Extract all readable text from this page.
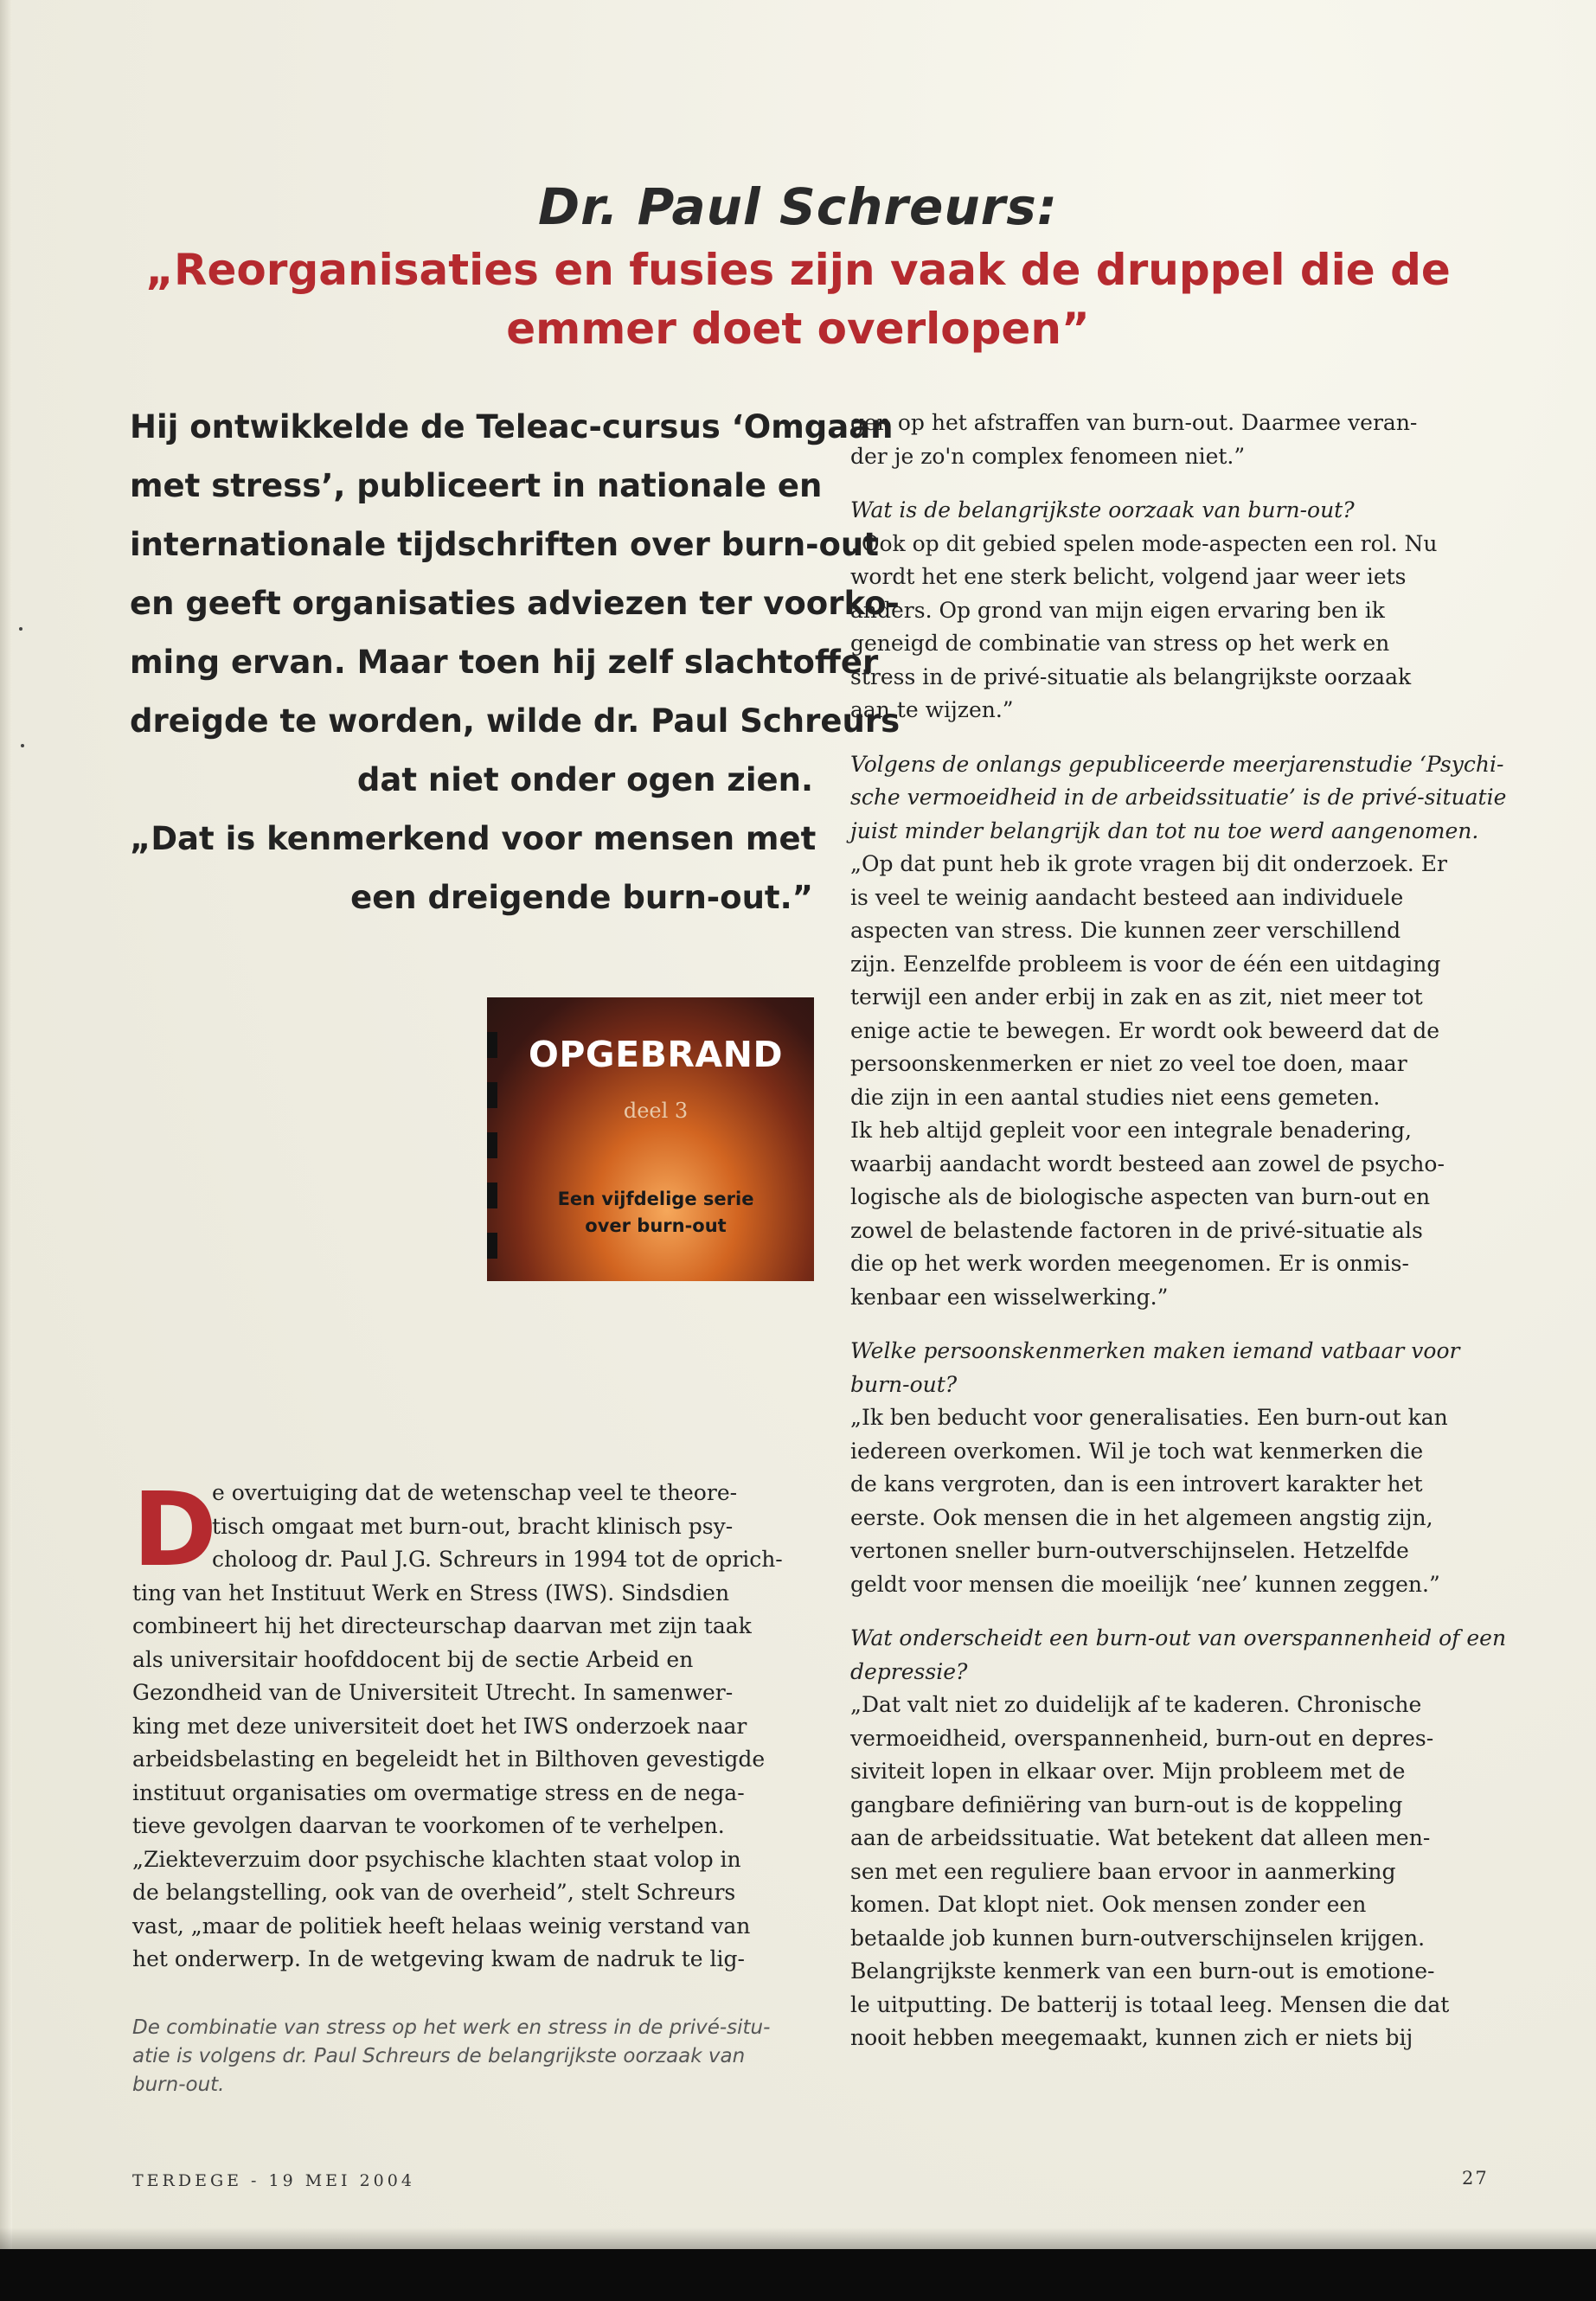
Dr. Paul Schreurs:
„Reorganisaties en fusies zijn vaak de druppel die de
emmer doet overlopen”
Hij ontwikkelde de Teleac-cursus ‘Omgaan
met stress’, publiceert in nationale en
internationale tijdschriften over burn-out
en geeft organisaties adviezen ter voorko-
ming ervan. Maar toen hij zelf slachtoffer
dreigde te worden, wilde dr. Paul Schreurs
dat niet onder ogen zien.
„Dat is kenmerkend voor mensen met
een dreigende burn-out.”
OPGEBRAND
deel 3
Een vijfdelige serie
over burn-out
D
e overtuiging dat de wetenschap veel te theore-
tisch omgaat met burn-out, bracht klinisch psy-
choloog dr. Paul J.G. Schreurs in 1994 tot de oprich-
ting van het Instituut Werk en Stress (IWS). Sindsdien
combineert hij het directeurschap daarvan met zijn taak
als universitair hoofddocent bij de sectie Arbeid en
Gezondheid van de Universiteit Utrecht. In samenwer-
king met deze universiteit doet het IWS onderzoek naar
arbeidsbelasting en begeleidt het in Bilthoven gevestigde
instituut organisaties om overmatige stress en de nega-
tieve gevolgen daarvan te voorkomen of te verhelpen.
„Ziekteverzuim door psychische klachten staat volop in
de belangstelling, ook van de overheid”, stelt Schreurs
vast, „maar de politiek heeft helaas weinig verstand van
het onderwerp. In de wetgeving kwam de nadruk te lig-
De combinatie van stress op het werk en stress in de privé-situ-
atie is volgens dr. Paul Schreurs de belangrijkste oorzaak van
burn-out.
gen op het afstraffen van burn-out. Daarmee veran-
der je zo'n complex fenomeen niet.”
Wat is de belangrijkste oorzaak van burn-out?
„Ook op dit gebied spelen mode-aspecten een rol. Nu
wordt het ene sterk belicht, volgend jaar weer iets
anders. Op grond van mijn eigen ervaring ben ik
geneigd de combinatie van stress op het werk en
stress in de privé-situatie als belangrijkste oorzaak
aan te wijzen.”
Volgens de onlangs gepubliceerde meerjarenstudie ‘Psychi-
sche vermoeidheid in de arbeidssituatie’ is de privé-situatie
juist minder belangrijk dan tot nu toe werd aangenomen.
„Op dat punt heb ik grote vragen bij dit onderzoek. Er
is veel te weinig aandacht besteed aan individuele
aspecten van stress. Die kunnen zeer verschillend
zijn. Eenzelfde probleem is voor de één een uitdaging
terwijl een ander erbij in zak en as zit, niet meer tot
enige actie te bewegen. Er wordt ook beweerd dat de
persoonskenmerken er niet zo veel toe doen, maar
die zijn in een aantal studies niet eens gemeten.
Ik heb altijd gepleit voor een integrale benadering,
waarbij aandacht wordt besteed aan zowel de psycho-
logische als de biologische aspecten van burn-out en
zowel de belastende factoren in de privé-situatie als
die op het werk worden meegenomen. Er is onmis-
kenbaar een wisselwerking.”
Welke persoonskenmerken maken iemand vatbaar voor
burn-out?
„Ik ben beducht voor generalisaties. Een burn-out kan
iedereen overkomen. Wil je toch wat kenmerken die
de kans vergroten, dan is een introvert karakter het
eerste. Ook mensen die in het algemeen angstig zijn,
vertonen sneller burn-outverschijnselen. Hetzelfde
geldt voor mensen die moeilijk ‘nee’ kunnen zeggen.”
Wat onderscheidt een burn-out van overspannenheid of een
depressie?
„Dat valt niet zo duidelijk af te kaderen. Chronische
vermoeidheid, overspannenheid, burn-out en depres-
siviteit lopen in elkaar over. Mijn probleem met de
gangbare definiëring van burn-out is de koppeling
aan de arbeidssituatie. Wat betekent dat alleen men-
sen met een reguliere baan ervoor in aanmerking
komen. Dat klopt niet. Ook mensen zonder een
betaalde job kunnen burn-outverschijnselen krijgen.
Belangrijkste kenmerk van een burn-out is emotione-
le uitputting. De batterij is totaal leeg. Mensen die dat
nooit hebben meegemaakt, kunnen zich er niets bij
TERDEGE - 19 MEI 2004	27
